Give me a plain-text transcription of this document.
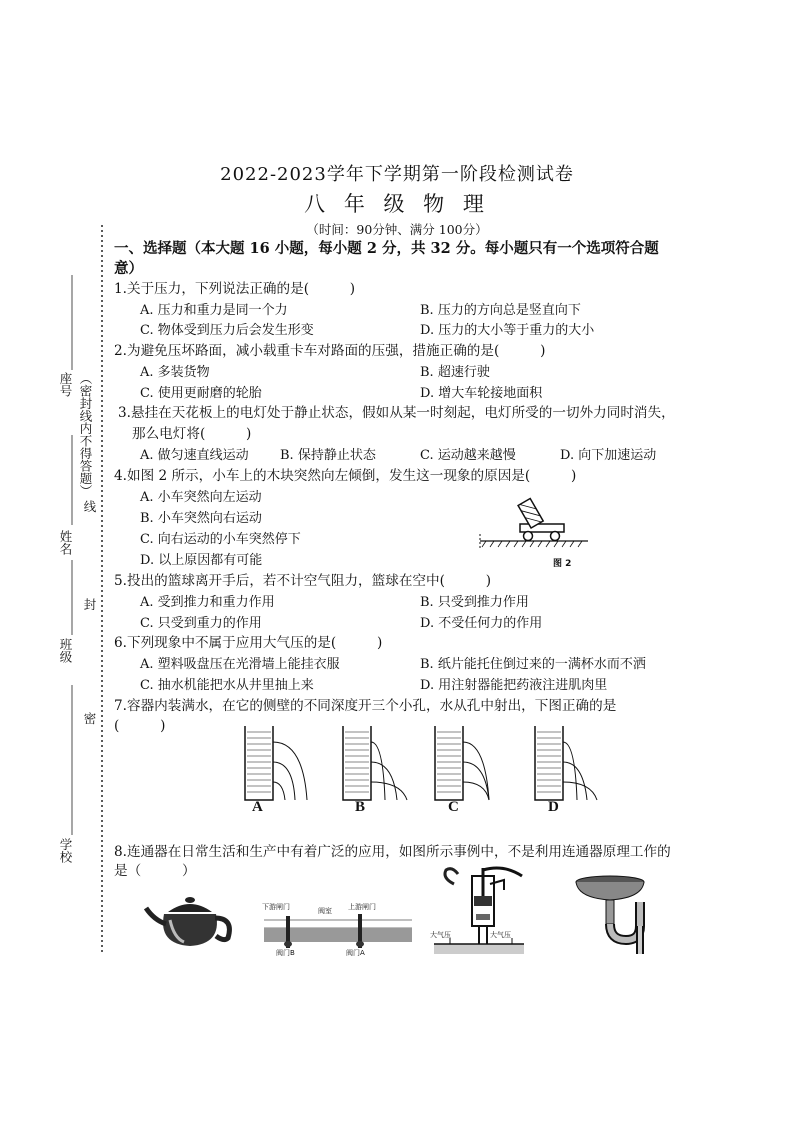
2022-2023学年下学期第一阶段检测试卷
八 年 级 物 理
（时间：90分钟、满分 100分）
座号 （密封线内不得答题）
线
姓名
封
班级
密
学校
一、选择题（本大题 16 小题，每小题 2 分，共 32 分。每小题只有一个选项符合题
意）
1.关于压力，下列说法正确的是(　　　)
A. 压力和重力是同一个力	B. 压力的方向总是竖直向下
C. 物体受到压力后会发生形变	D. 压力的大小等于重力的大小
2.为避免压坏路面，减小载重卡车对路面的压强，措施正确的是(　　　)
A. 多装货物	B. 超速行驶
C. 使用更耐磨的轮胎	D. 增大车轮接地面积
3.悬挂在天花板上的电灯处于静止状态，假如从某一时刻起，电灯所受的一切外力同时消失，
那么电灯将(　　　)
A. 做匀速直线运动 B. 保持静止状态	C. 运动越来越慢	D. 向下加速运动
4.如图 2 所示，小车上的木块突然向左倾倒，发生这一现象的原因是(　　　)
A. 小车突然向左运动
B. 小车突然向右运动
C. 向右运动的小车突然停下
D. 以上原因都有可能	图 2
5.投出的篮球离开手后，若不计空气阻力，篮球在空中(　　　)
A. 受到推力和重力作用	B. 只受到推力作用
C. 只受到重力的作用	D. 不受任何力的作用
6.下列现象中不属于应用大气压的是(　　　)
A. 塑料吸盘压在光滑墙上能挂衣服	B. 纸片能托住倒过来的一满杯水而不洒
C. 抽水机能把水从井里抽上来	D. 用注射器能把药液注进肌肉里
7.容器内装满水，在它的侧壁的不同深度开三个小孔，水从孔中射出，下图正确的是
(　　　)
A	B	C	D
8.连通器在日常生活和生产中有着广泛的应用，如图所示事例中，不是利用连通器原理工作的
是（　　　）
下游闸门	阀室 上游闸门
阀门B	阀门A
大气压	大气压
